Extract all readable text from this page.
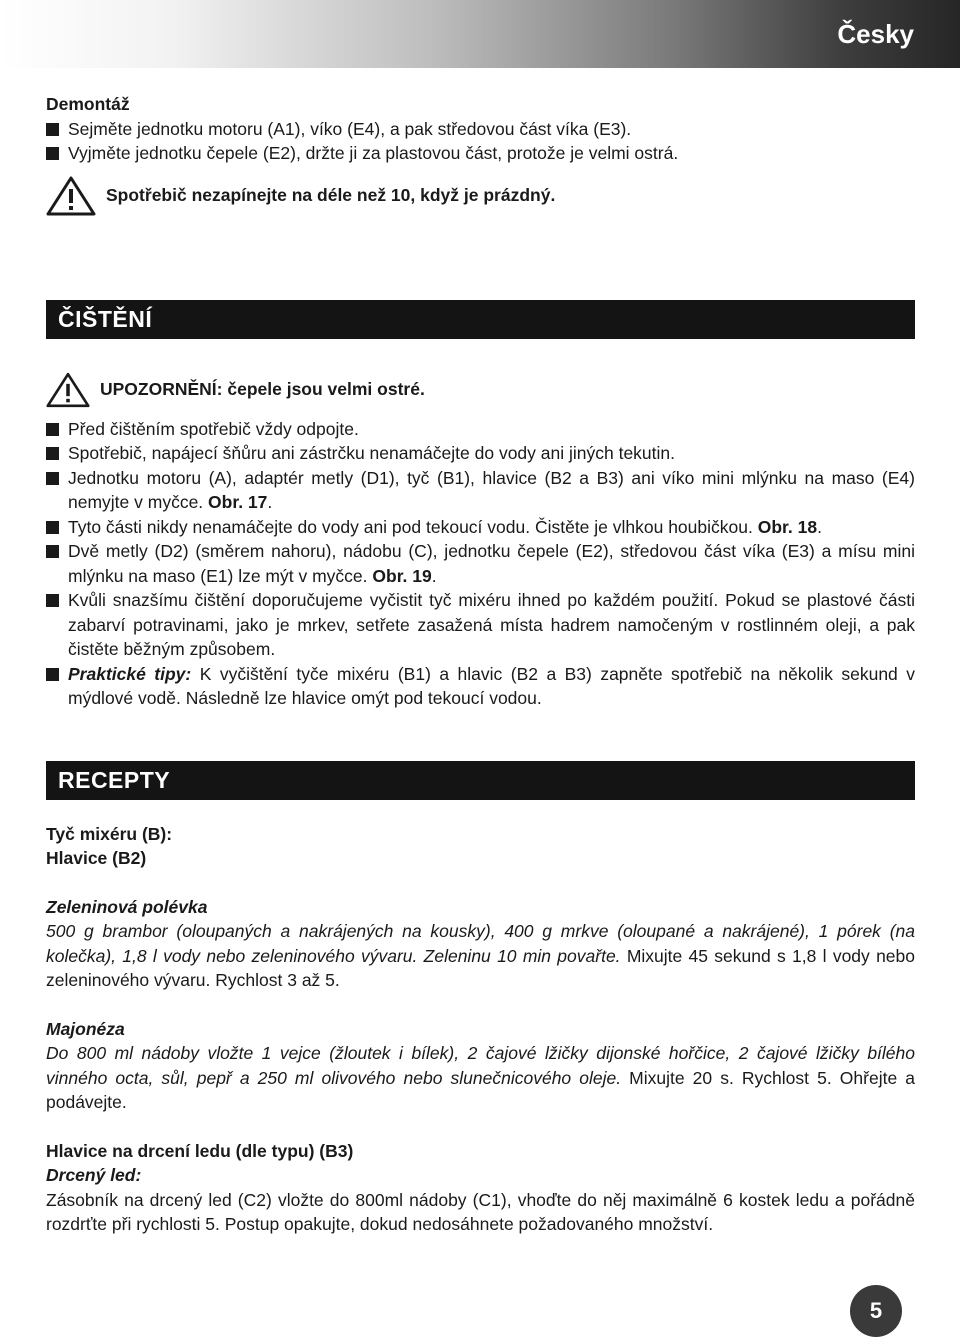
Česky
Demontáž
Sejměte jednotku motoru (A1), víko (E4), a pak středovou část víka (E3).
Vyjměte jednotku čepele (E2), držte ji za plastovou část, protože je velmi ostrá.
Spotřebič nezapínejte na déle než 10, když je prázdný.
ČIŠTĚNÍ
UPOZORNĚNÍ: čepele jsou velmi ostré.
Před čištěním spotřebič vždy odpojte.
Spotřebič, napájecí šňůru ani zástrčku nenamáčejte do vody ani jiných tekutin.
Jednotku motoru (A), adaptér metly (D1), tyč (B1), hlavice (B2 a B3) ani víko mini mlýnku na maso (E4) nemyjte v myčce. Obr. 17.
Tyto části nikdy nenamáčejte do vody ani pod tekoucí vodu. Čistěte je vlhkou houbičkou. Obr. 18.
Dvě metly (D2) (směrem nahoru), nádobu (C), jednotku čepele (E2), středovou část víka (E3) a mísu mini mlýnku na maso (E1) lze mýt v myčce. Obr. 19.
Kvůli snazšímu čištění doporučujeme vyčistit tyč mixéru ihned po každém použití. Pokud se plastové části zabarví potravinami, jako je mrkev, setřete zasažená místa hadrem namočeným v rostlinném oleji, a pak čistěte běžným způsobem.
Praktické tipy: K vyčištění tyče mixéru (B1) a hlavic (B2 a B3) zapněte spotřebič na několik sekund v mýdlové vodě. Následně lze hlavice omýt pod tekoucí vodou.
RECEPTY
Tyč mixéru (B):
Hlavice (B2)
Zeleninová polévka
500 g brambor (oloupaných a nakrájených na kousky), 400 g mrkve (oloupané a nakrájené), 1 pórek (na kolečka), 1,8 l vody nebo zeleninového vývaru. Zeleninu 10 min povařte. Mixujte 45 sekund s 1,8 l vody nebo zeleninového vývaru. Rychlost 3 až 5.
Majonéza
Do 800 ml nádoby vložte 1 vejce (žloutek i bílek), 2 čajové lžičky dijonské hořčice, 2 čajové lžičky bílého vinného octa, sůl, pepř a 250 ml olivového nebo slunečnicového oleje. Mixujte 20 s. Rychlost 5. Ohřejte a podávejte.
Hlavice na drcení ledu (dle typu) (B3)
Drcený led:
Zásobník na drcený led (C2) vložte do 800ml nádoby (C1), vhoďte do něj maximálně 6 kostek ledu a pořádně rozdrťte při rychlosti 5. Postup opakujte, dokud nedosáhnete požadovaného množství.
5
